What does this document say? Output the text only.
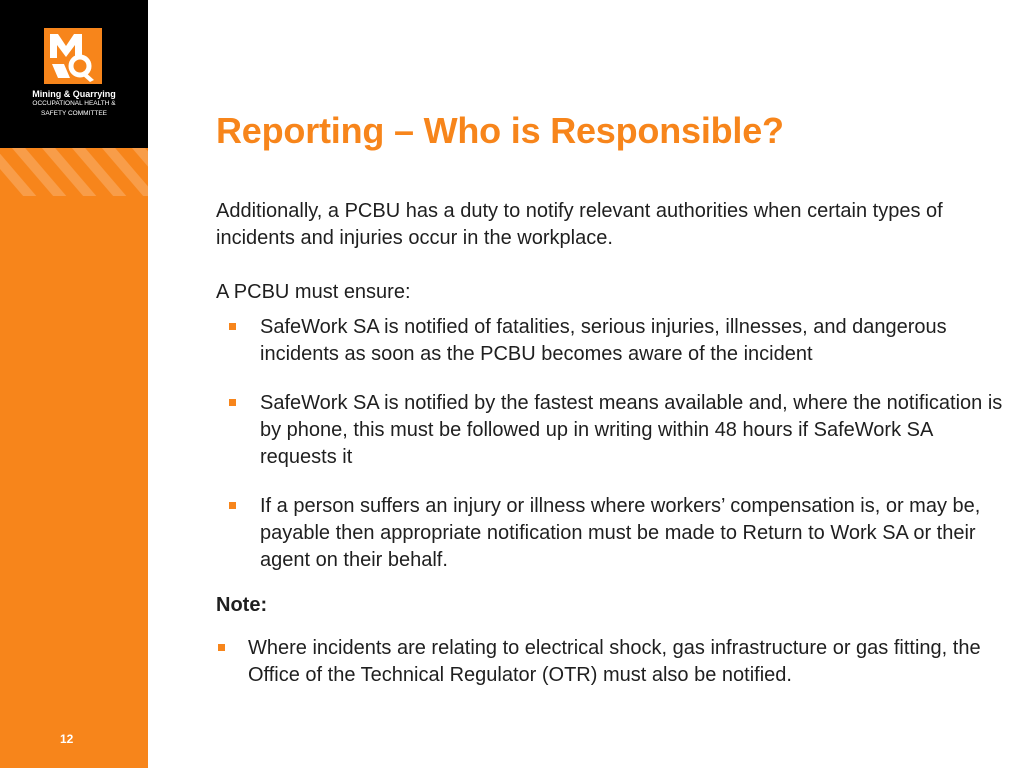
Mining & Quarrying
OCCUPATIONAL HEALTH &
SAFETY COMMITTEE
12
Reporting – Who is Responsible?

Additionally, a PCBU has a duty to notify relevant authorities when certain types of incidents and injuries occur in the workplace.

A PCBU must ensure:

SafeWork SA is notified of fatalities, serious injuries, illnesses, and dangerous incidents as soon as the PCBU becomes aware of the incident
SafeWork SA is notified by the fastest means available and, where the notification is by phone, this must be followed up in writing within 48 hours if SafeWork SA requests it
If a person suffers an injury or illness where workers’ compensation is, or may be, payable then appropriate notification must be made to Return to Work SA or their agent on their behalf.

Note:

Where incidents are relating to electrical shock, gas infrastructure or gas fitting, the Office of the Technical Regulator (OTR) must also be notified.
